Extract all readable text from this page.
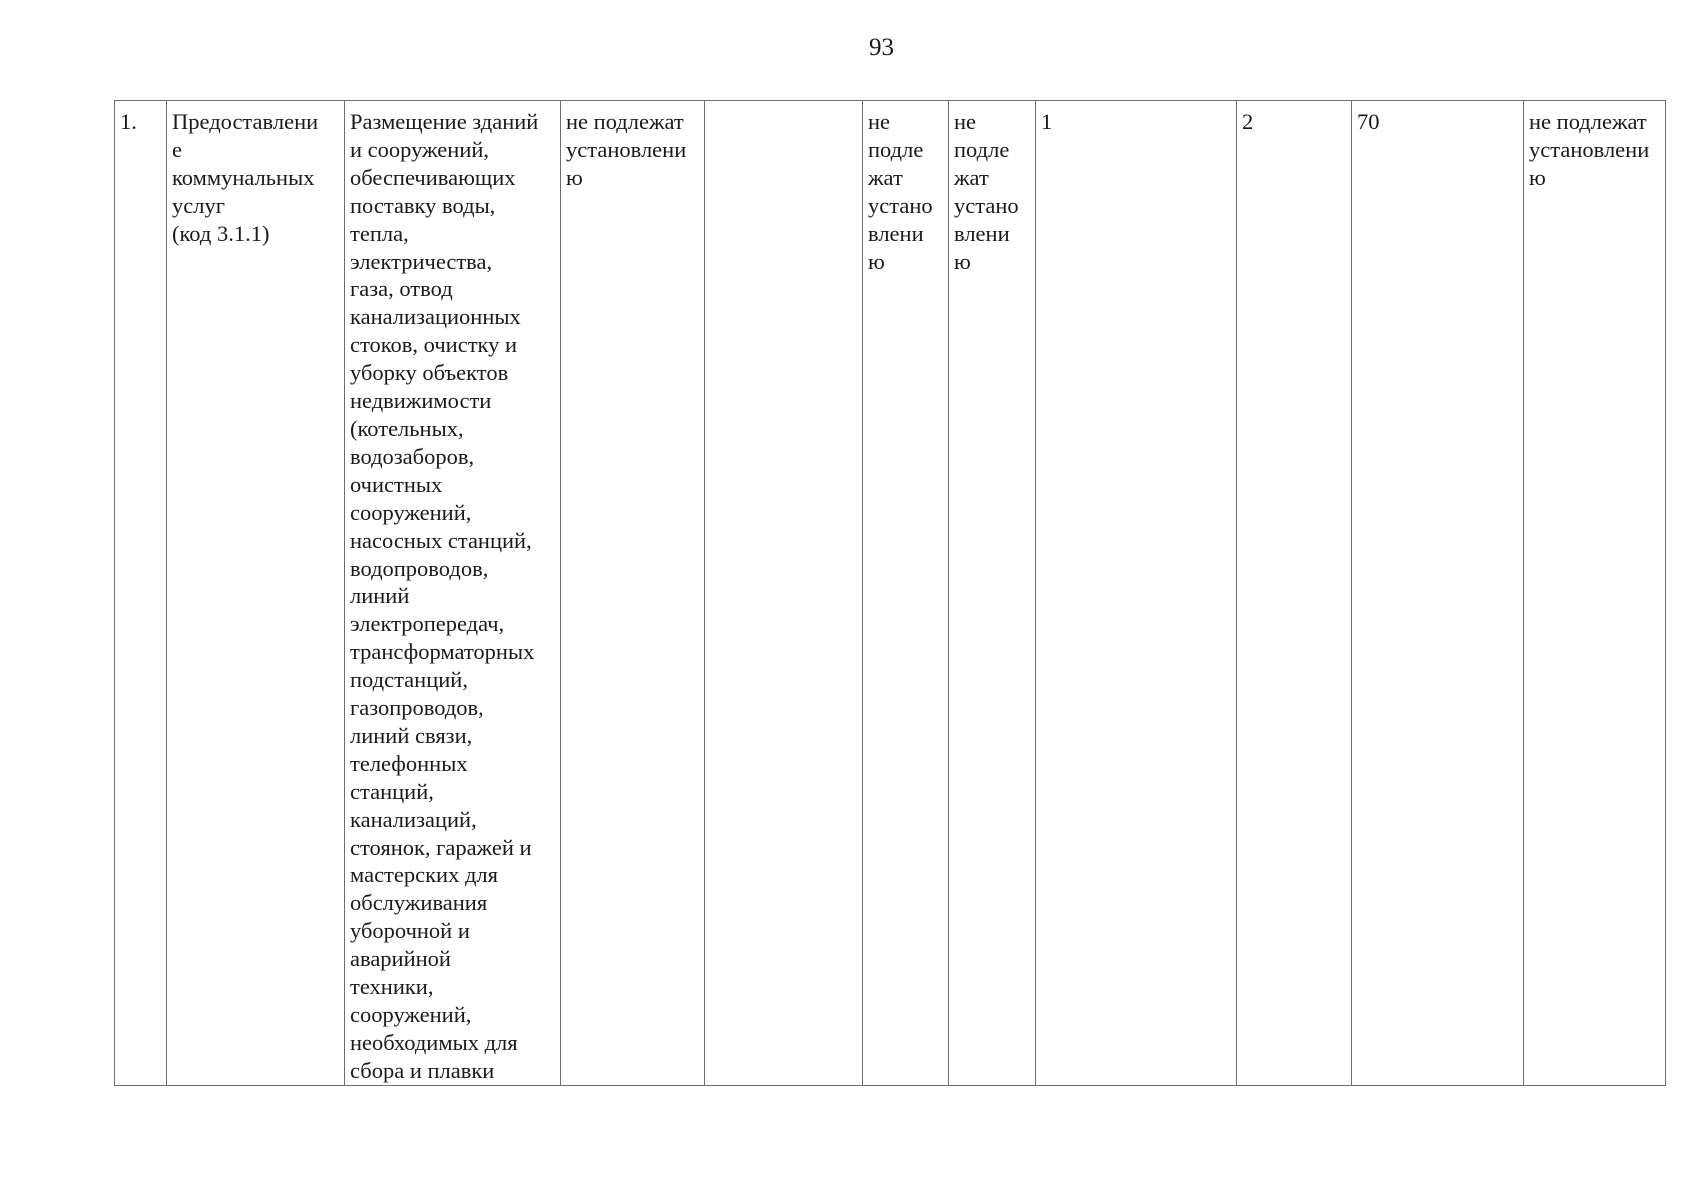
93
1.	Предоставлени
е
коммунальных
услуг
(код 3.1.1)	Размещение зданий
и сооружений,
обеспечивающих
поставку воды,
тепла,
электричества,
газа, отвод
канализационных
стоков, очистку и
уборку объектов
недвижимости
(котельных,
водозаборов,
очистных
сооружений,
насосных станций,
водопроводов,
линий
электропередач,
трансформаторных
подстанций,
газопроводов,
линий связи,
телефонных
станций,
канализаций,
стоянок, гаражей и
мастерских для
обслуживания
уборочной и
аварийной
техники,
сооружений,
необходимых для
сбора и плавки	не подлежат
установлени
ю		не
подле
жат
устано
влени
ю	не
подле
жат
устано
влени
ю	1	2	70	не подлежат
установлени
ю
